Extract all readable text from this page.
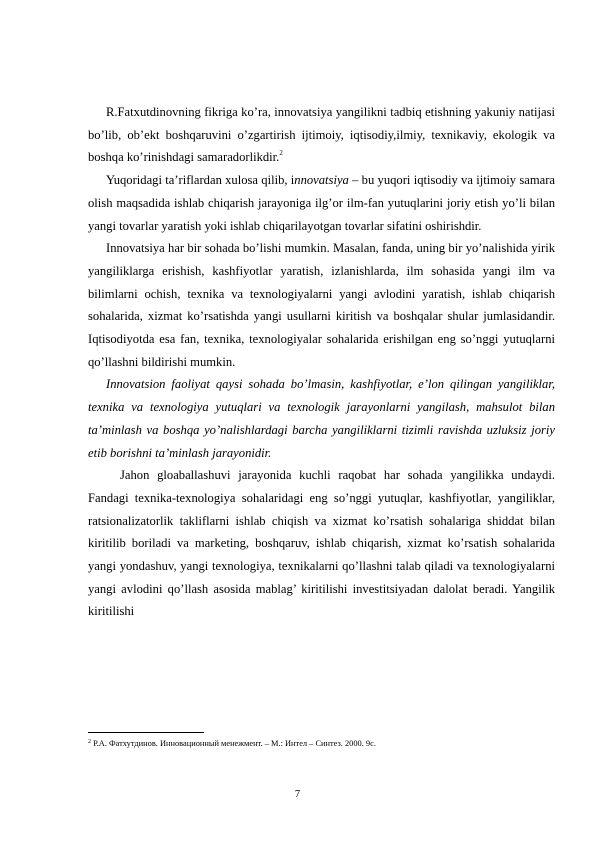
R.Fatxutdinovning fikriga ko’ra, innovatsiya yangilikni tadbiq etishning yakuniy natijasi bo’lib, ob’ekt boshqaruvini o’zgartirish ijtimoiy, iqtisodiy,ilmiy, texnikaviy, ekologik va boshqa ko’rinishdagi samaradorlikdir.$^2$

Yuqoridagi ta’riflardan xulosa qilib, innovatsiya – bu yuqori iqtisodiy va ijtimoiy samara olish maqsadida ishlab chiqarish jarayoniga ilg’or ilm-fan yutuqlarini joriy etish yo’li bilan yangi tovarlar yaratish yoki ishlab chiqarilayotgan tovarlar sifatini oshirishdir.

Innovatsiya har bir sohada bo’lishi mumkin. Masalan, fanda, uning bir yo’nalishida yirik yangiliklarga erishish, kashfiyotlar yaratish, izlanishlarda, ilm sohasida yangi ilm va bilimlarni ochish, texnika va texnologiyalarni yangi avlodini yaratish, ishlab chiqarish sohalarida, xizmat ko’rsatishda yangi usullarni kiritish va boshqalar shular jumlasidandir. Iqtisodiyotda esa fan, texnika, texnologiyalar sohalarida erishilgan eng so’nggi yutuqlarni qo’llashni bildirishi mumkin.

Innovatsion faoliyat qaysi sohada bo’lmasin, kashfiyotlar, e’lon qilingan yangiliklar, texnika va texnologiya yutuqlari va texnologik jarayonlarni yangilash, mahsulot bilan ta’minlash va boshqa yo’nalishlardagi barcha yangiliklarni tizimli ravishda uzluksiz joriy etib borishni ta’minlash jarayonidir.

Jahon gloaballashuvi jarayonida kuchli raqobat har sohada yangilikka undaydi. Fandagi texnika-texnologiya sohalaridagi eng so’nggi yutuqlar, kashfiyotlar, yangiliklar, ratsionalizatorlik takliflarni ishlab chiqish va xizmat ko’rsatish sohalariga shiddat bilan kiritilib boriladi va marketing, boshqaruv, ishlab chiqarish, xizmat ko’rsatish sohalarida yangi yondashuv, yangi texnologiya, texnikalarni qo’llashni talab qiladi va texnologiyalarni yangi avlodini qo’llash asosida mablag’ kiritilishi investitsiyadan dalolat beradi. Yangilik kiritilishi

$^2$ Р.А. Фатхутдинов. Инновационный менежмент. – М.: Интел – Синтез. 2000. 9с.
7
